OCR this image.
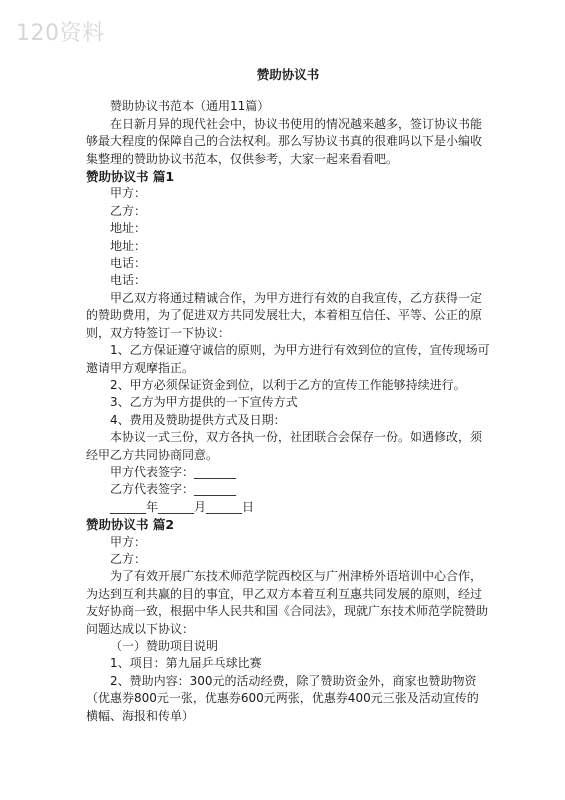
120资料
赞助协议书

赞助协议书范本（通用11篇）

在日新月异的现代社会中，协议书使用的情况越来越多，签订协议书能够最大程度的保障自己的合法权利。那么写协议书真的很难吗以下是小编收集整理的赞助协议书范本，仅供参考，大家一起来看看吧。

赞助协议书 篇1

甲方：

乙方：

地址：

地址：

电话：

电话：

甲乙双方将通过精诚合作，为甲方进行有效的自我宣传，乙方获得一定的赞助费用，为了促进双方共同发展壮大，本着相互信任、平等、公正的原则，双方特签订一下协议：

1、乙方保证遵守诚信的原则，为甲方进行有效到位的宣传，宣传现场可邀请甲方观摩指正。

2、甲方必须保证资金到位，以利于乙方的宣传工作能够持续进行。

3、乙方为甲方提供的一下宣传方式

4、费用及赞助提供方式及日期：

本协议一式三份，双方各执一份，社团联合会保存一份。如遇修改，须经甲乙方共同协商同意。

甲方代表签字：_______

乙方代表签字：_______

______年______月______日

赞助协议书 篇2

甲方：

乙方：

为了有效开展广东技术师范学院西校区与广州津桥外语培训中心合作，为达到互利共赢的目的事宜，甲乙双方本着互利互惠共同发展的原则，经过友好协商一致，根据中华人民共和国《合同法》，现就广东技术师范学院赞助问题达成以下协议：

（一）赞助项目说明

1、项目：第九届乒乓球比赛

2、赞助内容：300元的活动经费，除了赞助资金外，商家也赞助物资（优惠券800元一张，优惠券600元两张，优惠券400元三张及活动宣传的横幅、海报和传单）
